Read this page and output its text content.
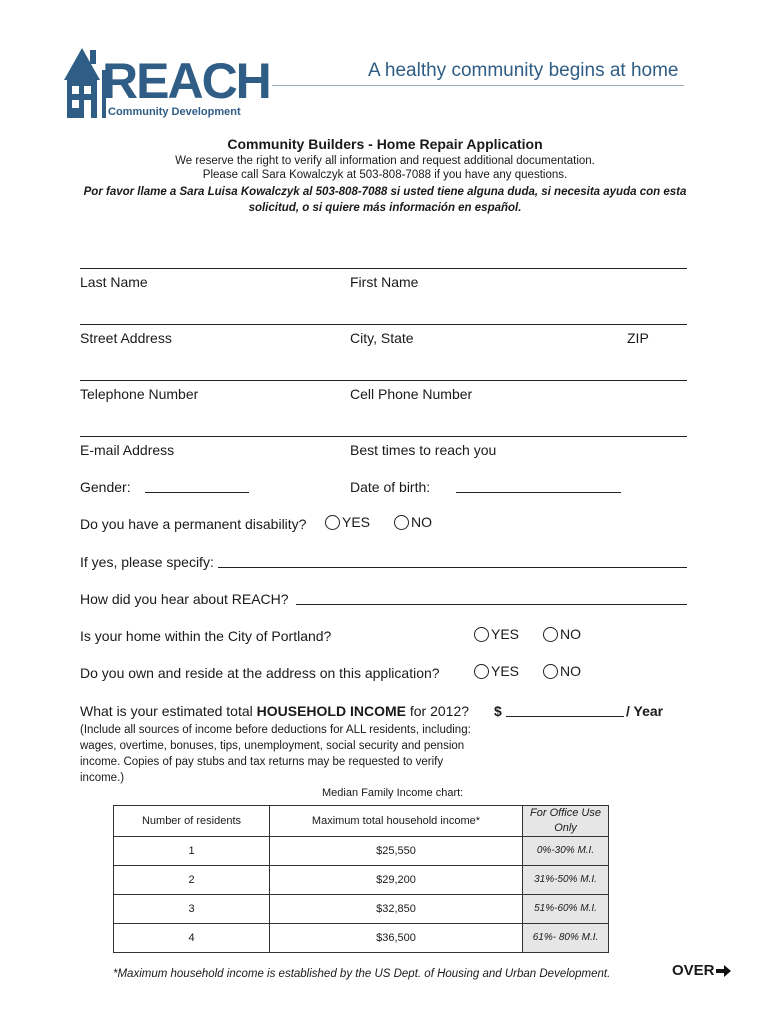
REACH
Community Development
A healthy community begins at home
Community Builders - Home Repair Application
We reserve the right to verify all information and request additional documentation.
Please call Sara Kowalczyk at 503-808-7088 if you have any questions.
Por favor llame a Sara Luisa Kowalczyk al 503-808-7088 si usted tiene alguna duda, si necesita ayuda con esta solicitud, o si quiere más información en español.
Last Name	First Name
Street Address	City, State	ZIP
Telephone Number	Cell Phone Number
E-mail Address	Best times to reach you
Gender:	Date of birth:
Do you have a permanent disability?	YES	NO
If yes, please specify:
How did you hear about REACH?
Is your home within the City of Portland?	YES	NO
Do you own and reside at the address on this application?	YES	NO
What is your estimated total HOUSEHOLD INCOME for 2012? $	/ Year
(Include all sources of income before deductions for ALL residents, including: wages, overtime, bonuses, tips, unemployment, social security and pension income. Copies of pay stubs and tax returns may be requested to verify income.)
Median Family Income chart:
Number of residents	Maximum total household income*	For Office Use Only
1	$25,550	0%-30% M.I.
2	$29,200	31%-50% M.I.
3	$32,850	51%-60% M.I.
4	$36,500	61%- 80% M.I.
*Maximum household income is established by the US Dept. of Housing and Urban Development.	OVER
